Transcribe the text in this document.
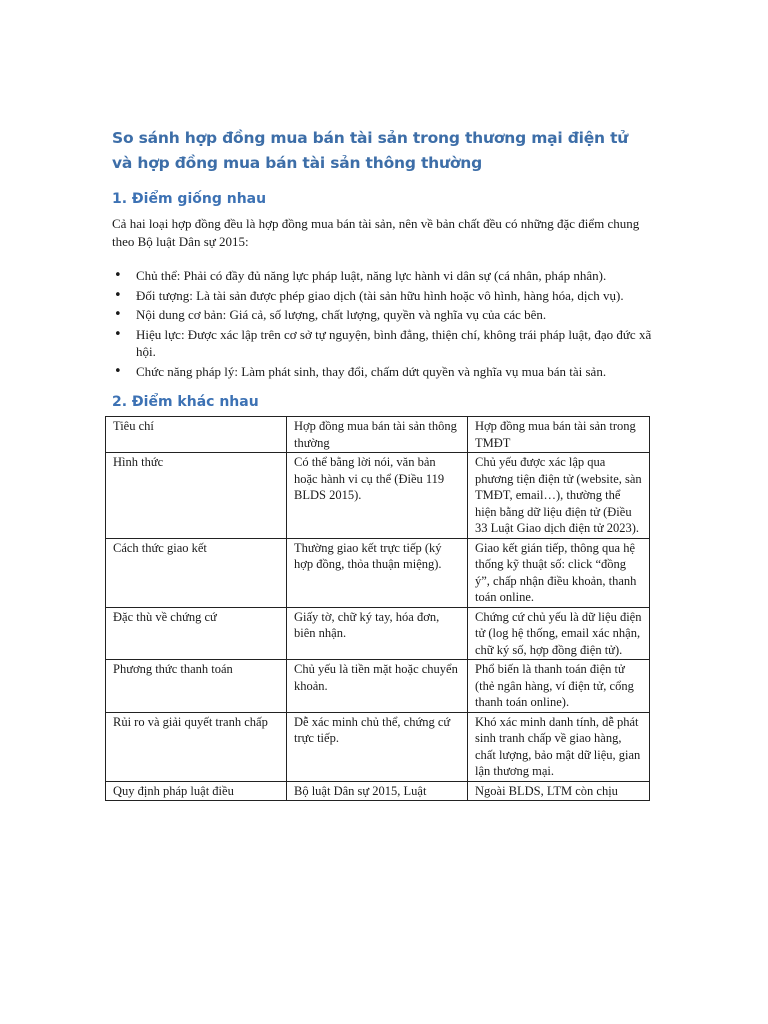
So sánh hợp đồng mua bán tài sản trong thương mại điện tử và hợp đồng mua bán tài sản thông thường
1. Điểm giống nhau

Cả hai loại hợp đồng đều là hợp đồng mua bán tài sản, nên về bản chất đều có những đặc điểm chung theo Bộ luật Dân sự 2015:

• Chủ thể: Phải có đầy đủ năng lực pháp luật, năng lực hành vi dân sự (cá nhân, pháp nhân).
• Đối tượng: Là tài sản được phép giao dịch (tài sản hữu hình hoặc vô hình, hàng hóa, dịch vụ).
• Nội dung cơ bản: Giá cả, số lượng, chất lượng, quyền và nghĩa vụ của các bên.
• Hiệu lực: Được xác lập trên cơ sở tự nguyện, bình đẳng, thiện chí, không trái pháp luật, đạo đức xã hội.
• Chức năng pháp lý: Làm phát sinh, thay đổi, chấm dứt quyền và nghĩa vụ mua bán tài sản.
2. Điểm khác nhau
Tiêu chí	Hợp đồng mua bán tài sản thông thường	Hợp đồng mua bán tài sản trong TMĐT
Hình thức	Có thể bằng lời nói, văn bản hoặc hành vi cụ thể (Điều 119 BLDS 2015).	Chủ yếu được xác lập qua phương tiện điện tử (website, sàn TMĐT, email…), thường thể hiện bằng dữ liệu điện tử (Điều 33 Luật Giao dịch điện tử 2023).
Cách thức giao kết	Thường giao kết trực tiếp (ký hợp đồng, thỏa thuận miệng).	Giao kết gián tiếp, thông qua hệ thống kỹ thuật số: click “đồng ý”, chấp nhận điều khoản, thanh toán online.
Đặc thù về chứng cứ	Giấy tờ, chữ ký tay, hóa đơn, biên nhận.	Chứng cứ chủ yếu là dữ liệu điện tử (log hệ thống, email xác nhận, chữ ký số, hợp đồng điện tử).
Phương thức thanh toán	Chủ yếu là tiền mặt hoặc chuyển khoản.	Phổ biến là thanh toán điện tử (thẻ ngân hàng, ví điện tử, cổng thanh toán online).
Rủi ro và giải quyết tranh chấp	Dễ xác minh chủ thể, chứng cứ trực tiếp.	Khó xác minh danh tính, dễ phát sinh tranh chấp về giao hàng, chất lượng, bảo mật dữ liệu, gian lận thương mại.
Quy định pháp luật điều	Bộ luật Dân sự 2015, Luật	Ngoài BLDS, LTM còn chịu
